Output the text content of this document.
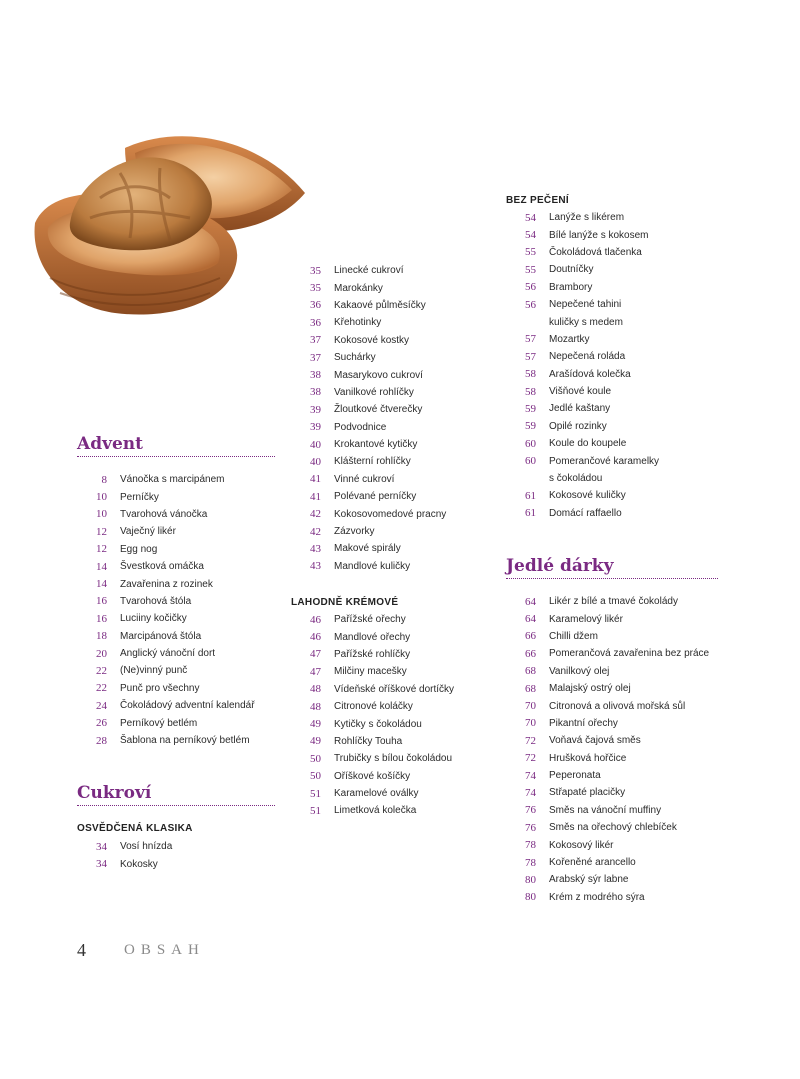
Advent
8 Vánočka s marcipánem
10 Perníčky
10 Tvarohová vánočka
12 Vaječný likér
12 Egg nog
14 Švestková omáčka
14 Zavařenina z rozinek
16 Tvarohová štóla
16 Luciiny kočičky
18 Marcipánová štóla
20 Anglický vánoční dort
22 (Ne)vinný punč
22 Punč pro všechny
24 Čokoládový adventní kalendář
26 Perníkový betlém
28 Šablona na perníkový betlém
Cukroví
OSVĚDČENÁ KLASIKA
34 Vosí hnízda
34 Kokosky
35 Linecké cukroví
35 Marokánky
36 Kakaové půlměsíčky
36 Křehotinky
37 Kokosové kostky
37 Suchárky
38 Masarykovo cukroví
38 Vanilkové rohlíčky
39 Žloutkové čtverečky
39 Podvodnice
40 Krokantové kytičky
40 Klášterní rohlíčky
41 Vinné cukroví
41 Polévané perníčky
42 Kokosovomedové pracny
42 Zázvorky
43 Makové spirály
43 Mandlové kuličky
LAHODNĚ KRÉMOVÉ
46 Pařížské ořechy
46 Mandlové ořechy
47 Pařížské rohlíčky
47 Milčiny macešky
48 Vídeňské oříškové dortíčky
48 Citronové koláčky
49 Kytičky s čokoládou
49 Rohlíčky Touha
50 Trubičky s bílou čokoládou
50 Oříškové košíčky
51 Karamelové oválky
51 Limetková kolečka
BEZ PEČENÍ
54 Lanýže s likérem
54 Bílé lanýže s kokosem
55 Čokoládová tlačenka
55 Doutníčky
56 Brambory
56 Nepečené tahini
kuličky s medem
57 Mozartky
57 Nepečená roláda
58 Arašídová kolečka
58 Višňové koule
59 Jedlé kaštany
59 Opilé rozinky
60 Koule do koupele
60 Pomerančové karamelky
s čokoládou
61 Kokosové kuličky
61 Domácí raffaello
Jedlé dárky
64 Likér z bílé a tmavé čokolády
64 Karamelový likér
66 Chilli džem
66 Pomerančová zavařenina bez práce
68 Vanilkový olej
68 Malajský ostrý olej
70 Citronová a olivová mořská sůl
70 Pikantní ořechy
72 Voňavá čajová směs
72 Hrušková hořčice
74 Peperonata
74 Střapaté placičky
76 Směs na vánoční muffiny
76 Směs na ořechový chlebíček
78 Kokosový likér
78 Kořeněné arancello
80 Arabský sýr labne
80 Krém z modrého sýra
4	OBSAH
